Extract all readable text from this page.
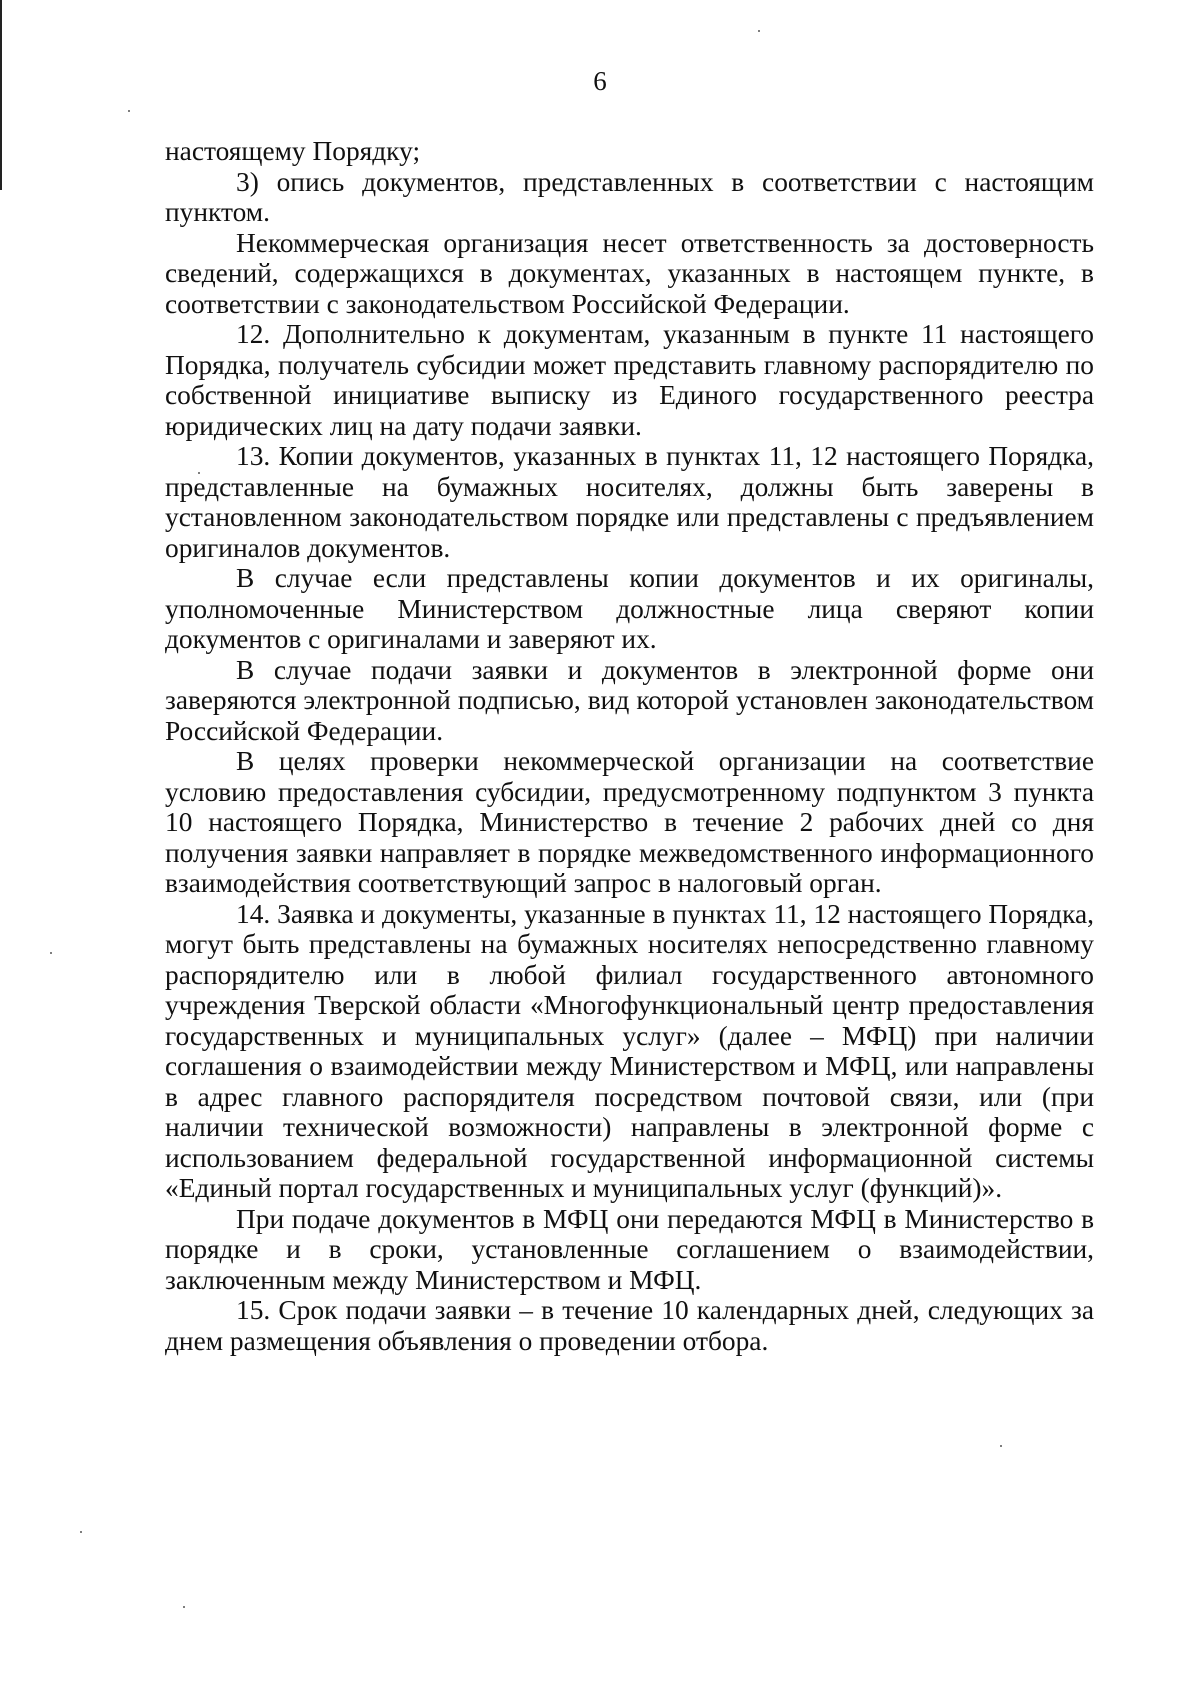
6

настоящему Порядку;

3) опись документов, представленных в соответствии с настоящим пунктом.

Некоммерческая организация несет ответственность за достоверность сведений, содержащихся в документах, указанных в настоящем пункте, в соответствии с законодательством Российской Федерации.

12. Дополнительно к документам, указанным в пункте 11 настоящего Порядка, получатель субсидии может представить главному распорядителю по собственной инициативе выписку из Единого государственного реестра юридических лиц на дату подачи заявки.

13. Копии документов, указанных в пунктах 11, 12 настоящего Порядка, представленные на бумажных носителях, должны быть заверены в установленном законодательством порядке или представлены с предъявлением оригиналов документов.

В случае если представлены копии документов и их оригиналы, уполномоченные Министерством должностные лица сверяют копии документов с оригиналами и заверяют их.

В случае подачи заявки и документов в электронной форме они заверяются электронной подписью, вид которой установлен законодательством Российской Федерации.

В целях проверки некоммерческой организации на соответствие условию предоставления субсидии, предусмотренному подпунктом 3 пункта 10 настоящего Порядка, Министерство в течение 2 рабочих дней со дня получения заявки направляет в порядке межведомственного информационного взаимодействия соответствующий запрос в налоговый орган.

14. Заявка и документы, указанные в пунктах 11, 12 настоящего Порядка, могут быть представлены на бумажных носителях непосредственно главному распорядителю или в любой филиал государственного автономного учреждения Тверской области «Многофункциональный центр предоставления государственных и муниципальных услуг» (далее – МФЦ) при наличии соглашения о взаимодействии между Министерством и МФЦ, или направлены в адрес главного распорядителя посредством почтовой связи, или (при наличии технической возможности) направлены в электронной форме с использованием федеральной государственной информационной системы «Единый портал государственных и муниципальных услуг (функций)».

При подаче документов в МФЦ они передаются МФЦ в Министерство в порядке и в сроки, установленные соглашением о взаимодействии, заключенным между Министерством и МФЦ.

15. Срок подачи заявки – в течение 10 календарных дней, следующих за днем размещения объявления о проведении отбора.
